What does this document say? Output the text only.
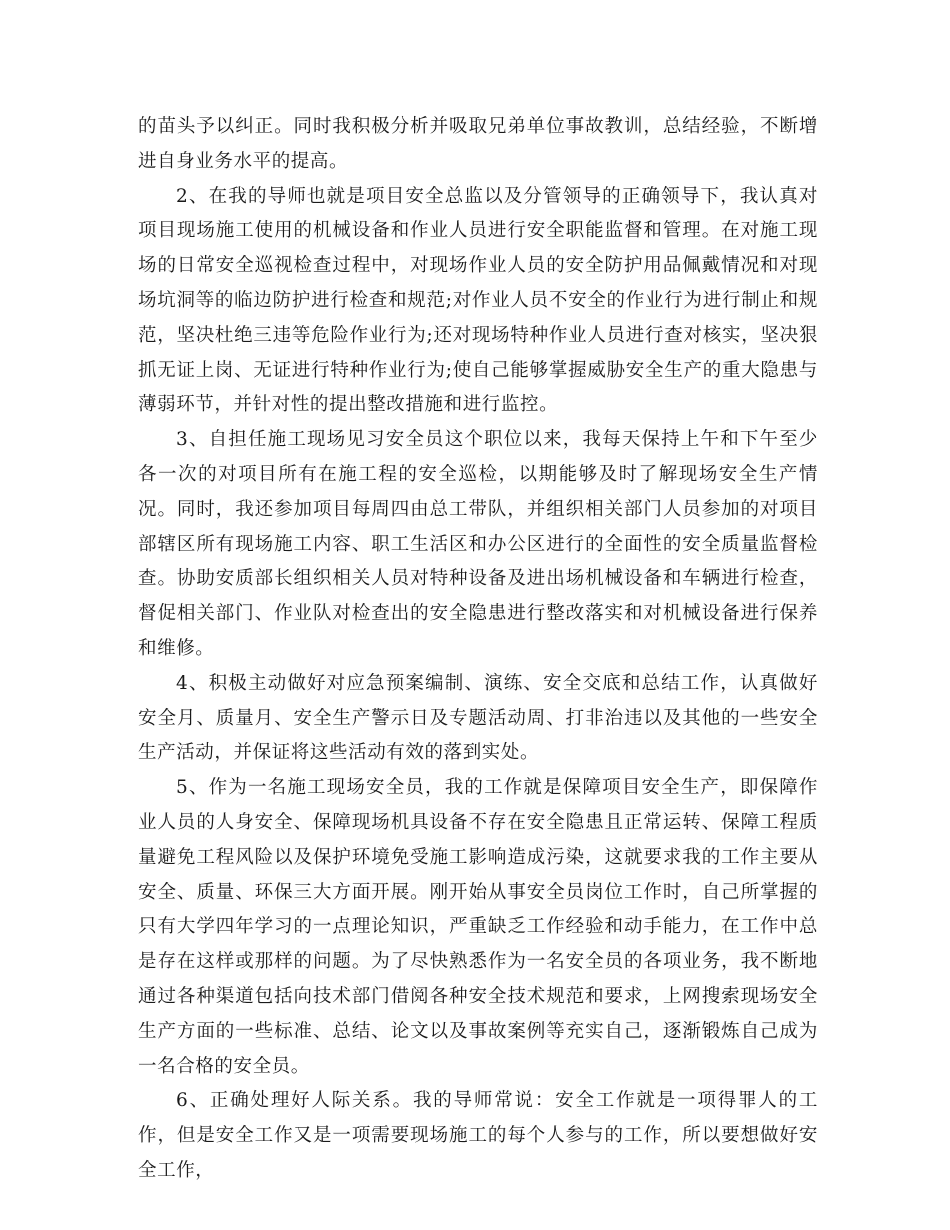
的苗头予以纠正。同时我积极分析并吸取兄弟单位事故教训，总结经验，不断增进自身业务水平的提高。

2、在我的导师也就是项目安全总监以及分管领导的正确领导下，我认真对项目现场施工使用的机械设备和作业人员进行安全职能监督和管理。在对施工现场的日常安全巡视检查过程中，对现场作业人员的安全防护用品佩戴情况和对现场坑洞等的临边防护进行检查和规范;对作业人员不安全的作业行为进行制止和规范，坚决杜绝三违等危险作业行为;还对现场特种作业人员进行查对核实，坚决狠抓无证上岗、无证进行特种作业行为;使自己能够掌握威胁安全生产的重大隐患与薄弱环节，并针对性的提出整改措施和进行监控。

3、自担任施工现场见习安全员这个职位以来，我每天保持上午和下午至少各一次的对项目所有在施工程的安全巡检，以期能够及时了解现场安全生产情况。同时，我还参加项目每周四由总工带队，并组织相关部门人员参加的对项目部辖区所有现场施工内容、职工生活区和办公区进行的全面性的安全质量监督检查。协助安质部长组织相关人员对特种设备及进出场机械设备和车辆进行检查，督促相关部门、作业队对检查出的安全隐患进行整改落实和对机械设备进行保养和维修。

4、积极主动做好对应急预案编制、演练、安全交底和总结工作，认真做好安全月、质量月、安全生产警示日及专题活动周、打非治违以及其他的一些安全生产活动，并保证将这些活动有效的落到实处。

5、作为一名施工现场安全员，我的工作就是保障项目安全生产，即保障作业人员的人身安全、保障现场机具设备不存在安全隐患且正常运转、保障工程质量避免工程风险以及保护环境免受施工影响造成污染，这就要求我的工作主要从安全、质量、环保三大方面开展。刚开始从事安全员岗位工作时，自己所掌握的只有大学四年学习的一点理论知识，严重缺乏工作经验和动手能力，在工作中总是存在这样或那样的问题。为了尽快熟悉作为一名安全员的各项业务，我不断地通过各种渠道包括向技术部门借阅各种安全技术规范和要求，上网搜索现场安全生产方面的一些标准、总结、论文以及事故案例等充实自己，逐渐锻炼自己成为一名合格的安全员。

6、正确处理好人际关系。我的导师常说：安全工作就是一项得罪人的工作，但是安全工作又是一项需要现场施工的每个人参与的工作，所以要想做好安全工作，
